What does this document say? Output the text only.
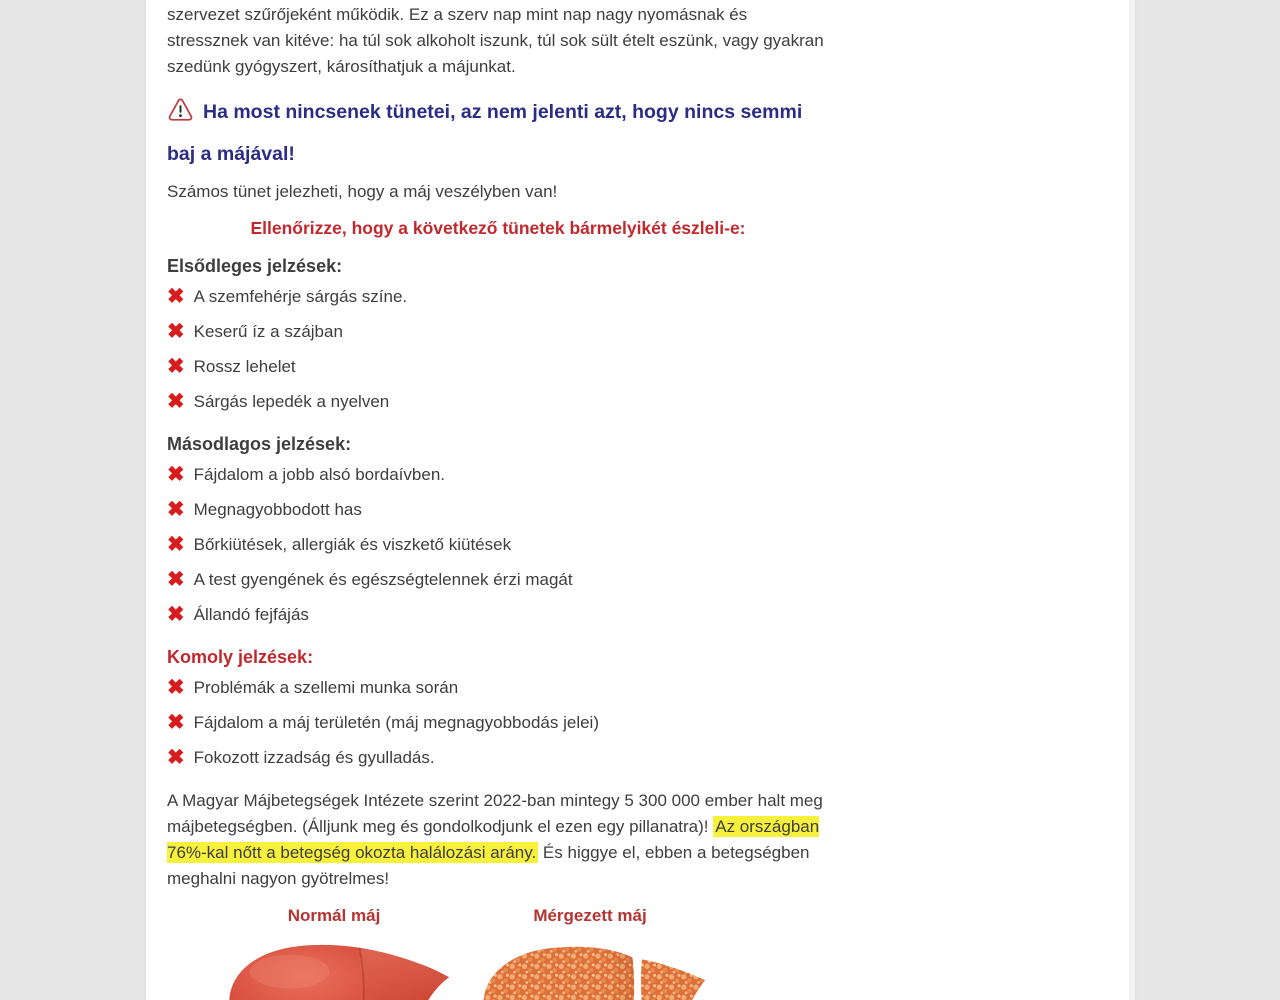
szervezet szűrőjeként működik. Ez a szerv nap mint nap nagy nyomásnak és stressznek van kitéve: ha túl sok alkoholt iszunk, túl sok sült ételt eszünk, vagy gyakran szedünk gyógyszert, károsíthatjuk a májunkat.

Ha most nincsenek tünetei, az nem jelenti azt, hogy nincs semmi baj a májával!

Számos tünet jelezheti, hogy a máj veszélyben van!

Ellenőrizze, hogy a következő tünetek bármelyikét észleli-e:

Elsődleges jelzések:
✖ A szemfehérje sárgás színe.
✖ Keserű íz a szájban
✖ Rossz lehelet
✖ Sárgás lepedék a nyelven
Másodlagos jelzések:
✖ Fájdalom a jobb alsó bordaívben.
✖ Megnagyobbodott has
✖ Bőrkiütések, allergiák és viszkető kiütések
✖ A test gyengének és egészségtelennek érzi magát
✖ Állandó fejfájás
Komoly jelzések:
✖ Problémák a szellemi munka során
✖ Fájdalom a máj területén (máj megnagyobbodás jelei)
✖ Fokozott izzadság és gyulladás.

A Magyar Májbetegségek Intézete szerint 2022-ban mintegy 5 300 000 ember halt meg májbetegségben. (Álljunk meg és gondolkodjunk el ezen egy pillanatra)! Az országban 76%-kal nőtt a betegség okozta halálozási arány. És higgye el, ebben a betegségben meghalni nagyon gyötrelmes!

Normál máj	Mérgezett máj
